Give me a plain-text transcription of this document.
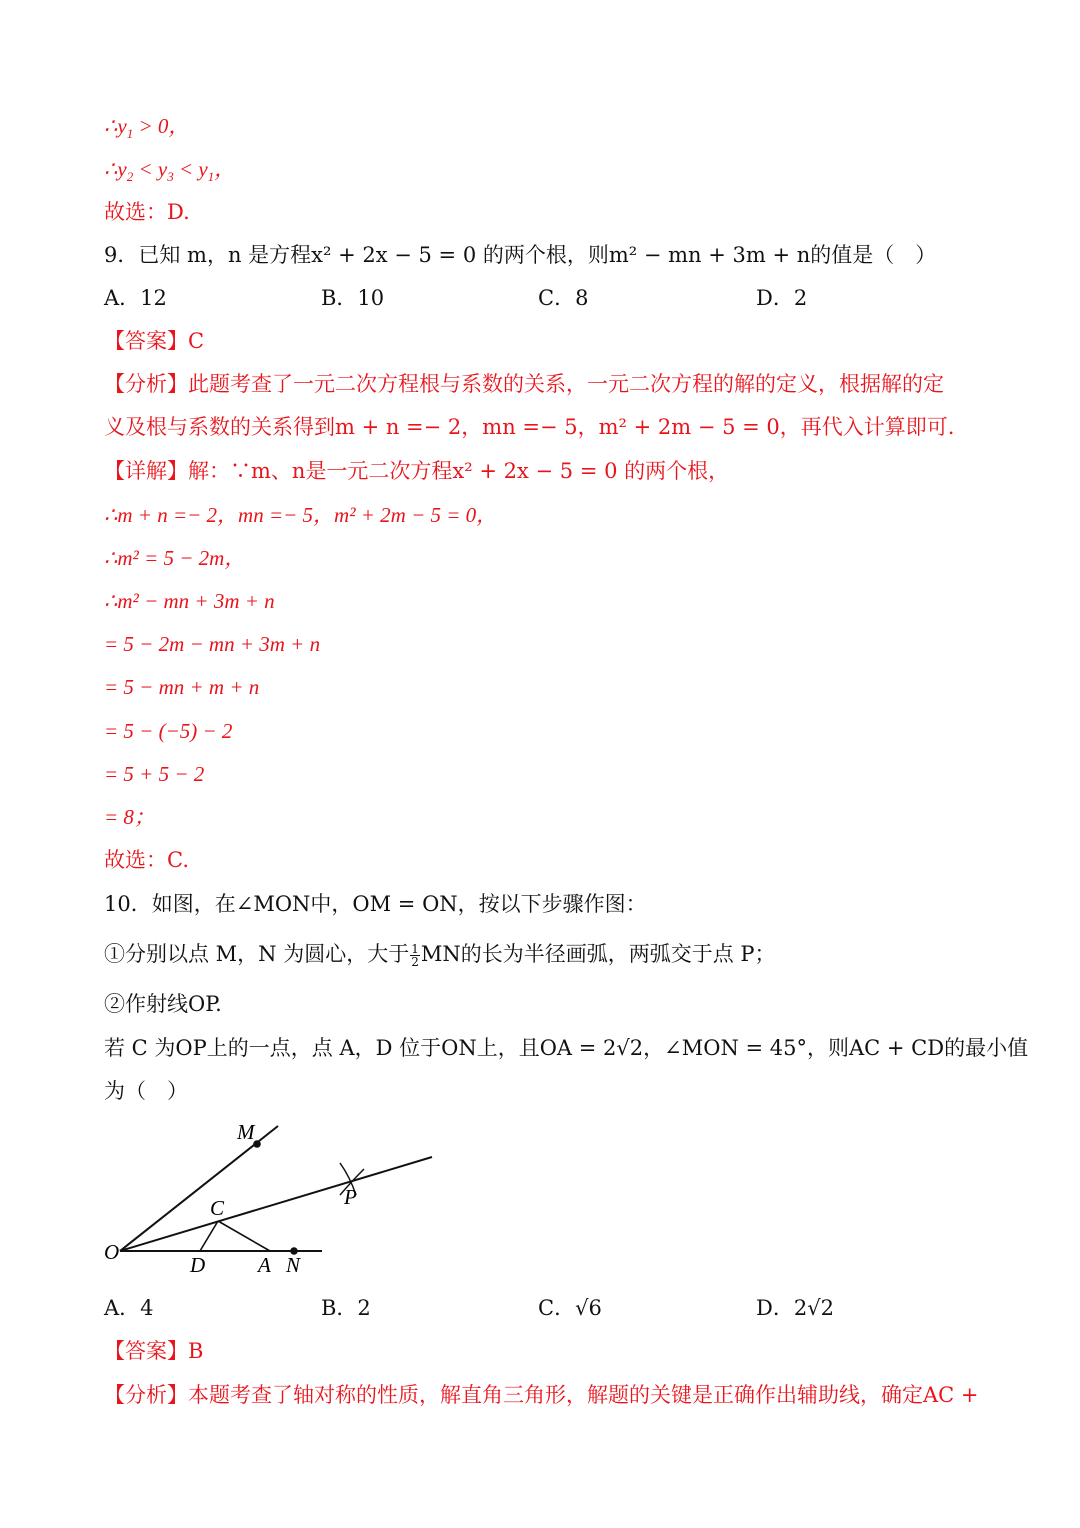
$\therefore y_1 > 0$，
$\therefore y_2 < y_3 < y_1$，
故选：D.
9．已知 m，n 是方程x² + 2x − 5 = 0 的两个根，则m² − mn + 3m + n的值是（　）
A．12	B．10	C．8	D．2
【答案】C
【分析】此题考查了一元二次方程根与系数的关系，一元二次方程的解的定义，根据解的定
义及根与系数的关系得到m + n =− 2，mn =− 5，m² + 2m − 5 = 0，再代入计算即可.
【详解】解：∵m、n是一元二次方程x² + 2x − 5 = 0 的两个根，
∴m + n =− 2，mn =− 5，m² + 2m − 5 = 0，
∴m² = 5 − 2m，
∴m² − mn + 3m + n
= 5 − 2m − mn + 3m + n
= 5 − mn + m + n
= 5 − (−5) − 2
= 5 + 5 − 2
= 8；
故选：C.
10．如图，在∠MON中，OM = ON，按以下步骤作图：
①分别以点 M，N 为圆心，大于 $\frac{1}{2}$ MN的长为半径画弧，两弧交于点 P；
②作射线OP.
若 C 为OP上的一点，点 A，D 位于ON上，且OA = 2√2，∠MON = 45°，则AC + CD的最小值
为（　）
M
P
C
O
D	A N
A．4	B．2	C．√6	D．2√2
【答案】B
【分析】本题考查了轴对称的性质，解直角三角形，解题的关键是正确作出辅助线，确定AC +
